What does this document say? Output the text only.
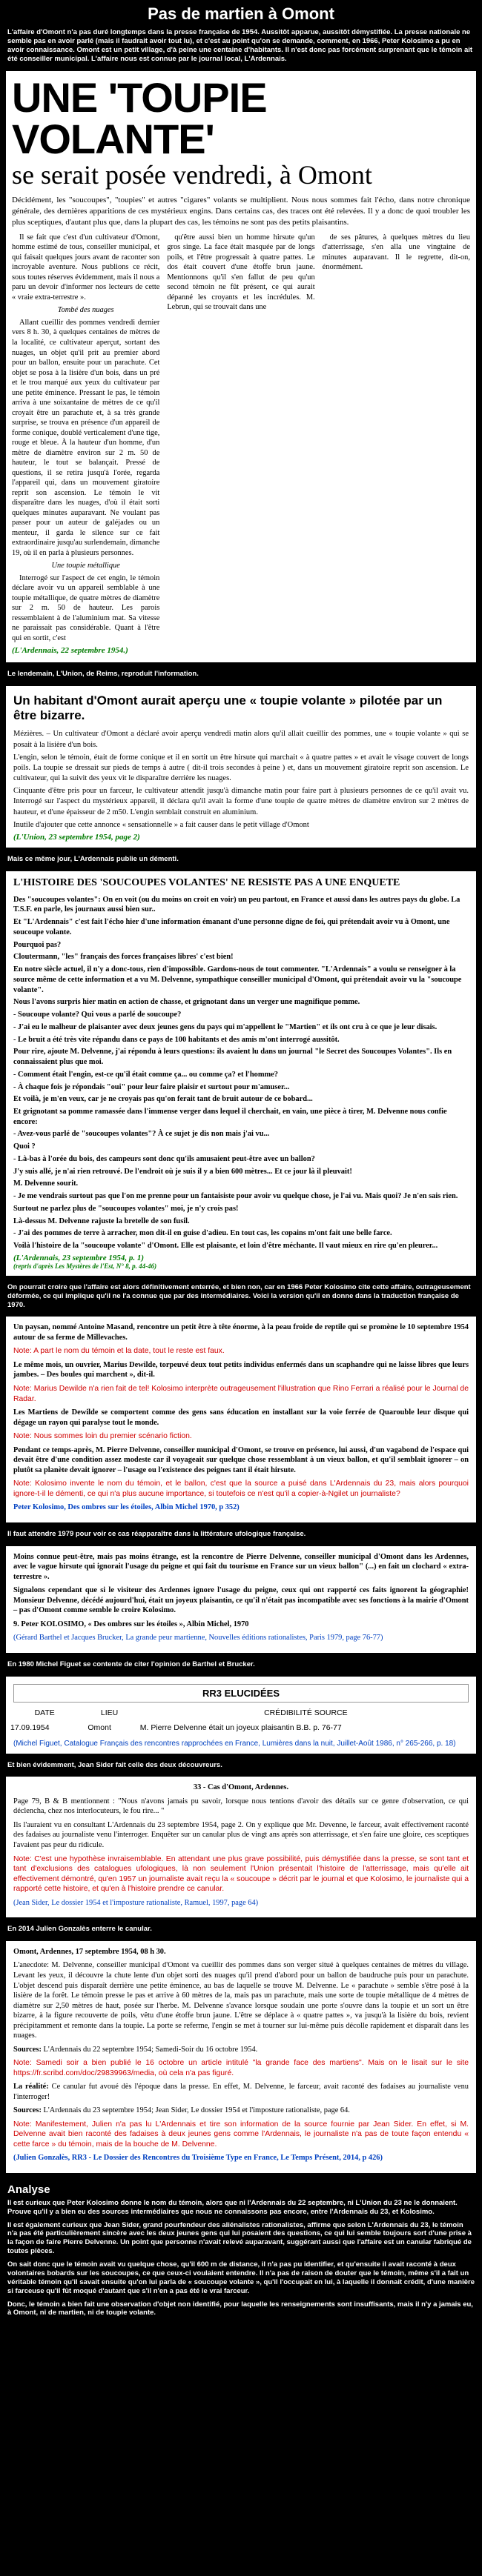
Pas de martien à Omont
L'affaire d'Omont n'a pas duré longtemps dans la presse française de 1954. Aussitôt apparue, aussitôt démystifiée. La presse nationale ne semble pas en avoir parlé (mais il faudrait avoir tout lu), et c'est au point qu'on se demande, comment, en 1966, Peter Kolosimo a pu en avoir connaissance. Omont est un petit village, d'à peine une centaine d'habitants. Il n'est donc pas forcément surprenant que le témoin ait été conseiller municipal. L'affaire nous est connue par le journal local, L'Ardennais.
UNE 'TOUPIE VOLANTE'
se serait posée vendredi, à Omont
Décidément, les "soucoupes", "toupies" et autres "cigares" volants se multiplient. Nous nous sommes fait l'écho, dans notre chronique générale, des dernières apparitions de ces mystérieux engins. Dans certains cas, des traces ont été relevées. Il y a donc de quoi troubler les plus sceptiques, d'autant plus que, dans la plupart des cas, les témoins ne sont pas des petits plaisantins.

Il se fait que c'est d'un cultivateur d'Omont, homme estimé de tous, conseiller municipal, et qui faisait quelques jours avant de raconter son incroyable aventure. Nous publions ce récit, sous toutes réserves évidemment, mais il nous a paru un devoir d'informer nos lecteurs de cette « vraie extra-terrestre ».

Tombé des nuages

Allant cueillir des pommes vendredi dernier vers 8 h. 30, à quelques centaines de mètres de la localité, ce cultivateur aperçut, sortant des nuages, un objet qu'il prit au premier abord pour un ballon, ensuite pour un parachute. Cet objet se posa à la lisière d'un bois, dans un pré et le trou marqué aux yeux du cultivateur par une petite éminence. Pressant le pas, le témoin arriva à une soixantaine de mètres de ce qu'il croyait être un parachute et, à sa très grande surprise, se trouva en présence d'un appareil de forme conique, doublé verticalement d'une tige, rouge et bleue. À la hauteur d'un homme, d'un mètre de diamètre environ sur 2 m. 50 de hauteur, le tout se balançait. Pressé de questions, il se retira jusqu'à l'orée, regarda l'appareil qui, dans un mouvement giratoire reprit son ascension. Le témoin le vit disparaître dans les nuages, d'où il était sorti quelques minutes auparavant. Ne voulant pas passer pour un auteur de galéjades ou un menteur, il garda le silence sur ce fait extraordinaire jusqu'au surlendemain, dimanche 19, où il en parla à plusieurs personnes.

Une toupie métallique

Interrogé sur l'aspect de cet engin, le témoin déclare avoir vu un appareil semblable à une toupie métallique, de quatre mètres de diamètre sur 2 m. 50 de hauteur. Les parois ressemblaient à de l'aluminium mat. Sa vitesse ne paraissait pas considérable. Quant à l'être qui en sortit, c'est

qu'être aussi bien un homme hirsute qu'un gros singe. La face était masquée par de longs poils, et l'être progressait à quatre pattes. Le dos était couvert d'une étoffe brun jaune. Mentionnons qu'il s'en fallut de peu qu'un second témoin ne fût présent, ce qui aurait dépanné les croyants et les incrédules. M. Lebrun, qui se trouvait dans une

de ses pâtures, à quelques mètres du lieu d'atterrissage, s'en alla une vingtaine de minutes auparavant. Il le regrette, dit-on, énormément.

(L'Ardennais, 22 septembre 1954.)
Le lendemain, L'Union, de Reims, reproduit l'information.
Un habitant d'Omont aurait aperçu une « toupie volante » pilotée par un être bizarre.

Mézières. – Un cultivateur d'Omont a déclaré avoir aperçu vendredi matin alors qu'il allait cueillir des pommes, une « toupie volante » qui se posait à la lisière d'un bois.

L'engin, selon le témoin, était de forme conique et il en sortit un être hirsute qui marchait « à quatre pattes » et avait le visage couvert de longs poils. La toupie se dressait sur pieds de temps à autre ( dit-il trois secondes à peine ) et, dans un mouvement giratoire reprit son ascension. Le cultivateur, qui la suivit des yeux vit le disparaître derrière les nuages.

Cinquante d'être pris pour un farceur, le cultivateur attendit jusqu'à dimanche matin pour faire part à plusieurs personnes de ce qu'il avait vu. Interrogé sur l'aspect du mystérieux appareil, il déclara qu'il avait la forme d'une toupie de quatre mètres de diamètre environ sur 2 mètres de hauteur, et d'une épaisseur de 2 m50. L'engin semblait construit en aluminium.

Inutile d'ajouter que cette annonce « sensationnelle » a fait causer dans le petit village d'Omont

(L'Union, 23 septembre 1954, page 2)
Mais ce même jour, L'Ardennais publie un démenti.
L'HISTOIRE DES 'SOUCOUPES VOLANTES' NE RESISTE PAS A UNE ENQUETE

Des "soucoupes volantes": On en voit (ou du moins on croit en voir) un peu partout, en France et aussi dans les autres pays du globe. La T.S.F. en parle, les journaux aussi bien sur..

Et "L'Ardennais" c'est fait l'écho hier d'une information émanant d'une personne digne de foi, qui prétendait avoir vu à Omont, une soucoupe volante.

Pourquoi pas?

Cloutermann, "les" français des forces françaises libres' c'est bien!

En notre siècle actuel, il n'y a donc-tous, rien d'impossible. Gardons-nous de tout commenter. "L'Ardennais" a voulu se renseigner à la source même de cette information et a vu M. Delvenne, sympathique conseiller municipal d'Omont, qui prétendait avoir vu la "soucoupe volante".

Nous l'avons surpris hier matin en action de chasse, et grignotant dans un verger une magnifique pomme.

- Soucoupe volante? Qui vous a parlé de soucoupe?

- J'ai eu le malheur de plaisanter avec deux jeunes gens du pays qui m'appellent le "Martien" et ils ont cru à ce que je leur disais.

- Le bruit a été très vite répandu dans ce pays de 100 habitants et des amis m'ont interrogé aussitôt.

Pour rire, ajoute M. Delvenne, j'ai répondu à leurs questions: ils avaient lu dans un journal "le Secret des Soucoupes Volantes". Ils en connaissaient plus que moi.

- Comment était l'engin, est-ce qu'il était comme ça... ou comme ça? et l'homme?

- À chaque fois je répondais "oui" pour leur faire plaisir et surtout pour m'amuser...

Et voilà, je m'en veux, car je ne croyais pas qu'on ferait tant de bruit autour de ce bobard...

Et grignotant sa pomme ramassée dans l'immense verger dans lequel il cherchait, en vain, une pièce à tirer, M. Delvenne nous confie encore:

- Avez-vous parlé de "soucoupes volantes"? À ce sujet je dis non mais j'ai vu...

Quoi ?

- Là-bas à l'orée du bois, des campeurs sont donc qu'ils amusaient peut-être avec un ballon?

J'y suis allé, je n'ai rien retrouvé. De l'endroit où je suis il y a bien 600 mètres... Et ce jour là il pleuvait!

M. Delvenne sourit.

- Je me vendrais surtout pas que l'on me prenne pour un fantaisiste pour avoir vu quelque chose, je l'ai vu. Mais quoi? Je n'en sais rien.

Surtout ne parlez plus de "soucoupes volantes" moi, je n'y crois pas!

Là-dessus M. Delvenne rajuste la bretelle de son fusil.

- J'ai des pommes de terre à arracher, mon dit-il en guise d'adieu. En tout cas, les copains m'ont fait une belle farce.

Voilà l'histoire de la "soucoupe volante" d'Omont. Elle est plaisante, et loin d'être méchante. Il vaut mieux en rire qu'en pleurer...

(L'Ardennais, 23 septembre 1954, p. 1)
(repris d'après Les Mystères de l'Est, N° 8, p. 44-46)
On pourrait croire que l'affaire est alors définitivement enterrée, et bien non, car en 1966 Peter Kolosimo cite cette affaire, outrageusement déformée, ce qui implique qu'il ne l'a connue que par des intermédiaires. Voici la version qu'il en donne dans la traduction française de 1970.

Un paysan, nommé Antoine Masand, rencontre un petit être à tête énorme, à la peau froide de reptile qui se promène le 10 septembre 1954 autour de sa ferme de Millevaches.

Note: A part le nom du témoin et la date, tout le reste est faux.

Le même mois, un ouvrier, Marius Dewilde, torpeuvé deux tout petits individus enfermés dans un scaphandre qui ne laisse libres que leurs jambes. – Des boules qui marchent », dit-il.

Note: Marius Dewilde n'a rien fait de tel! Kolosimo interprète outrageusement l'illustration que Rino Ferrari a réalisé pour le Journal de Radar.

Les Martiens de Dewilde se comportent comme des gens sans éducation en installant sur la voie ferrée de Quarouble leur disque qui dégage un rayon qui paralyse tout le monde.

Note: Nous sommes loin du premier scénario fiction.

Pendant ce temps-après, M. Pierre Delvenne, conseiller municipal d'Omont, se trouve en présence, lui aussi, d'un vagabond de l'espace qui devait être d'une condition assez modeste car il voyageait sur quelque chose ressemblant à un vieux ballon, et qu'il semblait ignorer – on plutôt sa planète devait ignorer – l'usage ou l'existence des peignes tant il était hirsute.

Note: Kolosimo invente le nom du témoin, et le ballon, c'est que la source a puisé dans L'Ardennais du 23, mais alors pourquoi ignore-t-il le démenti, ce qui n'a plus aucune importance, si toutefois ce n'est qu'il a copier-à-Ngilet un journaliste?

Peter Kolosimo, Des ombres sur les étoiles, Albin Michel 1970, p 352)

Il faut attendre 1979 pour voir ce cas réapparaître dans la littérature ufologique française.

Moins connue peut-être, mais pas moins étrange, est la rencontre de Pierre Delvenne, conseiller municipal d'Omont dans les Ardennes, avec le vague hirsute qui ignorait l'usage du peigne et qui fait du tourisme en France sur un vieux ballon" (...) en fait un clochard « extra-terrestre ».

Signalons cependant que si le visiteur des Ardennes ignore l'usage du peigne, ceux qui ont rapporté ces faits ignorent la géographie! Monsieur Delvenne, décédé aujourd'hui, était un joyeux plaisantin, ce qu'il n'était pas incompatible avec ses fonctions à la mairie d'Omont – pas d'Omont comme semble le croire Kolosimo.

9. Peter KOLOSIMO, « Des ombres sur les étoiles », Albin Michel, 1970

(Gérard Barthel et Jacques Brucker, La grande peur martienne, Nouvelles éditions rationalistes, Paris 1979, page 76-77)

En 1980 Michel Figuet se contente de citer l'opinion de Barthel et Brucker.
RR3 ELUCIDÉES
DATE	LIEU	CRÉDIBILITÉ SOURCE
17.09.1954	Omont	M. Pierre Delvenne était un joyeux plaisantin B.B. p. 76-77

(Michel Figuet, Catalogue Français des rencontres rapprochées en France, Lumières dans la nuit, Juillet-Août 1986, n° 265-266, p. 18)

Et bien évidemment, Jean Sider fait celle des deux découvreurs.

33 - Cas d'Omont, Ardennes.

Page 79, B & B mentionnent : "Nous n'avons jamais pu savoir, lorsque nous tentions d'avoir des détails sur ce genre d'observation, ce qui déclencha, chez nos interlocuteurs, le fou rire... "

Ils l'auraient vu en consultant L'Ardennais du 23 septembre 1954, page 2. On y explique que Mr. Devenne, le farceur, avait effectivement raconté des fadaises au journaliste venu l'interroger. Enquêter sur un canular plus de vingt ans après son atterrissage, et s'en faire une gloire, ces sceptiques l'avaient pas peur du ridicule.

Note: C'est une hypothèse invraisemblable. En attendant une plus grave possibilité, puis démystifiée dans la presse, se sont tant et tant d'exclusions des catalogues ufologiques, là non seulement l'Union présentait l'histoire de l'atterrissage, mais qu'elle ait effectivement démontré, qu'en 1957 un journaliste avait reçu la « soucoupe » décrit par le journal et que Kolosimo, le journaliste qui a rapporté cette histoire, et qu'en à l'histoire prendre ce canular.

(Jean Sider, Le dossier 1954 et l'imposture rationaliste, Ramuel, 1997, page 64)

En 2014 Julien Gonzalès enterre le canular.

Omont, Ardennes, 17 septembre 1954, 08 h 30.

L'anecdote: M. Delvenne, conseiller municipal d'Omont va cueillir des pommes dans son verger situé à quelques centaines de mètres du village. Levant les yeux, il découvre la chute lente d'un objet sorti des nuages qu'il prend d'abord pour un ballon de baudruche puis pour un parachute. L'objet descend puis disparaît derrière une petite éminence, au bas de laquelle se trouve M. Delvenne. Le « parachute » semble s'être posé à la lisière de la forêt. Le témoin presse le pas et arrive à 60 mètres de la, mais pas un parachute, mais une sorte de toupie métallique de 4 mètres de diamètre sur 2,50 mètres de haut, posée sur l'herbe. M. Delvenne s'avance lorsque soudain une porte s'ouvre dans la toupie et un sort un être bizarre, à la figure recouverte de poils, vêtu d'une étoffe brun jaune. L'être se déplace à « quatre pattes », va jusqu'à la lisière du bois, revient précipitamment et remonte dans la toupie. La porte se referme, l'engin se met à tourner sur lui-même puis décolle rapidement et disparaît dans les nuages.

Sources: L'Ardennais du 22 septembre 1954; Samedi-Soir du 16 octobre 1954.

Note: Samedi soir a bien publié le 16 octobre un article intitulé "la grande face des martiens". Mais on le lisait sur le site https://fr.scribd.com/doc/29839963/media, où cela n'a pas figuré.

La réalité: Ce canular fut avoué dès l'époque dans la presse. En effet, M. Delvenne, le farceur, avait raconté des fadaises au journaliste venu l'interroger!

Sources: L'Ardennais du 23 septembre 1954; Jean Sider, Le dossier 1954 et l'imposture rationaliste, page 64.

Note: Manifestement, Julien n'a pas lu L'Ardennais et tire son information de la source fournie par Jean Sider. En effet, si M. Delvenne avait bien raconté des fadaises à deux jeunes gens comme l'Ardennais, le journaliste n'a pas de toute façon entendu « cette farce » du témoin, mais de la bouche de M. Delvenne.

(Julien Gonzalès, RR3 - Le Dossier des Rencontres du Troisième Type en France, Le Temps Présent, 2014, p 426)

Analyse

Il est curieux que Peter Kolosimo donne le nom du témoin, alors que ni l'Ardennais du 22 septembre, ni L'Union du 23 ne le donnaient. Prouve qu'il y a bien eu des sources intermédiaires que nous ne connaissons pas encore, entre l'Ardennais du 23, et Kolosimo.

Il est également curieux que Jean Sider, grand pourfendeur des aliénalistes rationalistes, affirme que selon L'Ardennais du 23, le témoin n'a pas été particulièrement sincère avec les deux jeunes gens qui lui posaient des questions, ce qui lui semble toujours sort d'une prise à la façon de faire Pierre Delvenne. Un point que personne n'avait relevé auparavant, suggérant aussi que l'affaire est un canular fabriqué de toutes pièces.

On sait donc que le témoin avait vu quelque chose, qu'il 600 m de distance, il n'a pas pu identifier, et qu'ensuite il avait raconté à deux volontaires bobards sur les soucoupes, ce que ceux-ci voulaient entendre. Il n'a pas de raison de douter que le témoin, même s'il a fait un véritable témoin qu'il savait ensuite qu'on lui parla de « soucoupe volante », qu'il l'occupait en lui, à laquelle il donnait crédit, d'une manière si farceuse qu'il fût moqué d'autant que s'il n'en a pas été le vrai farceur.

Donc, le témoin a bien fait une observation d'objet non identifié, pour laquelle les renseignements sont insuffisants, mais il n'y a jamais eu, à Omont, ni de martien, ni de toupie volante.
